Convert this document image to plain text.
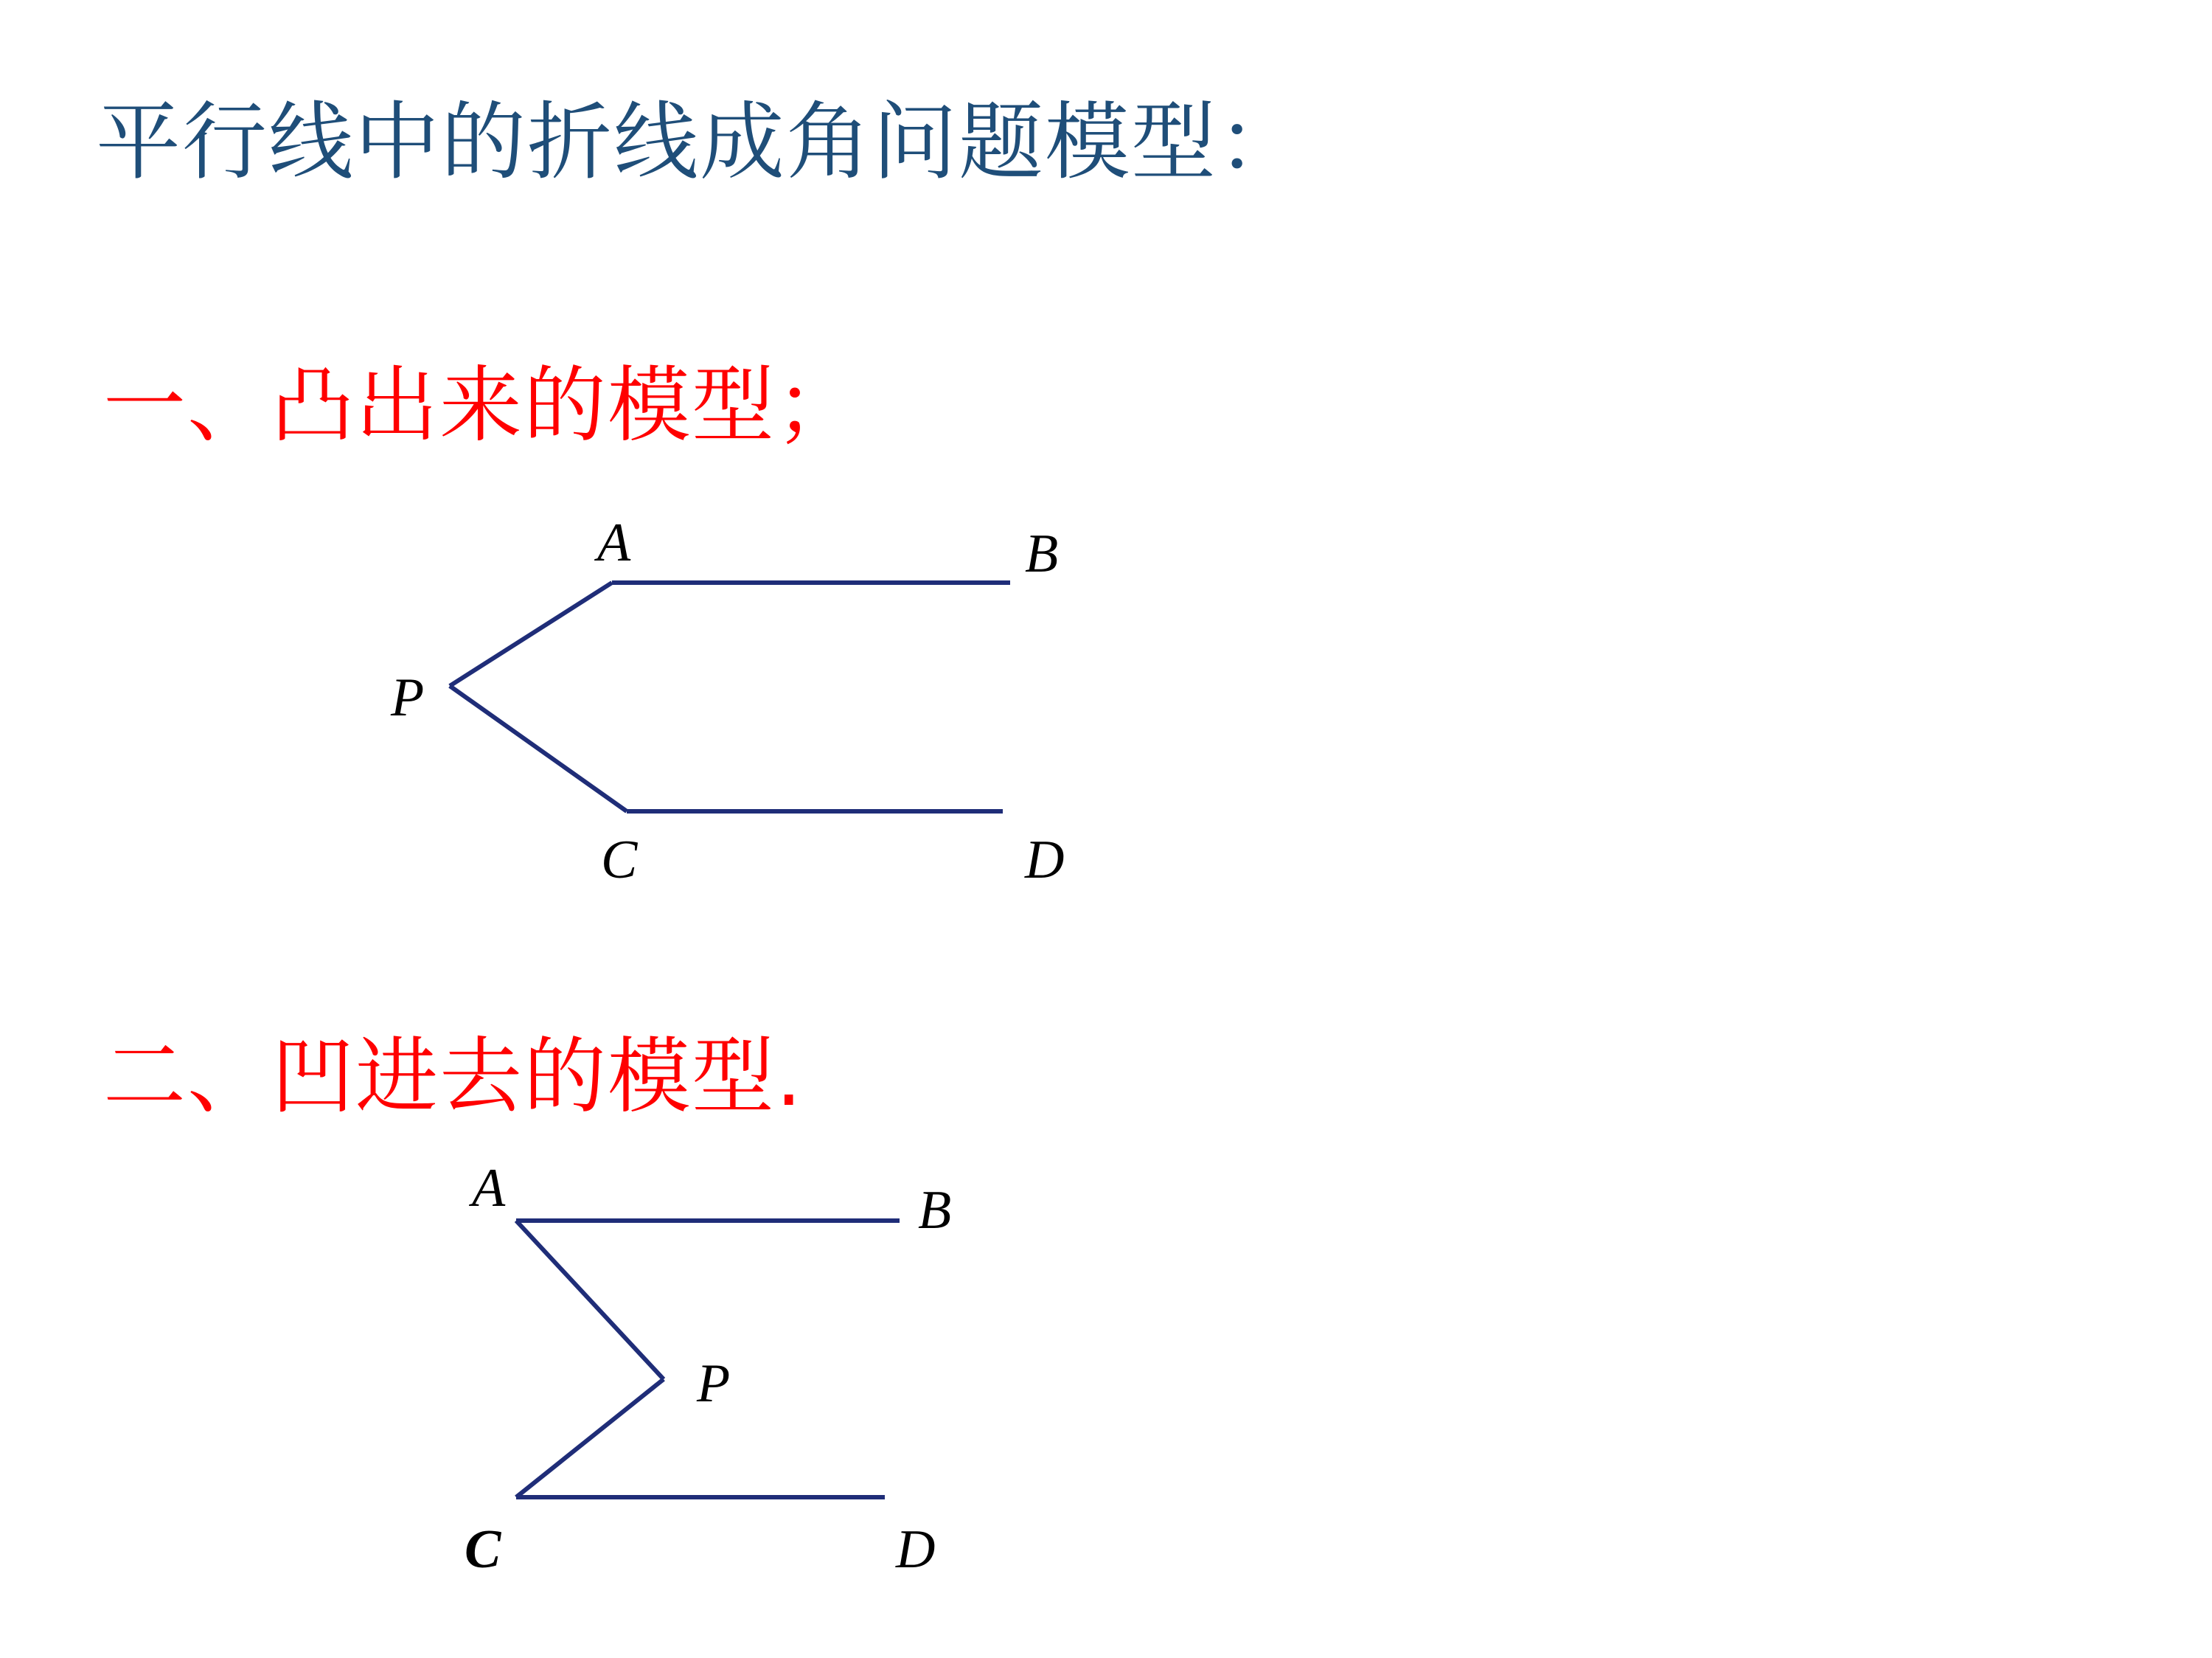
平行线中的折线成角问题模型：
一、凸出来的模型；
P
A	B
C	D
二、凹进去的模型.
A	B
P
C	D
